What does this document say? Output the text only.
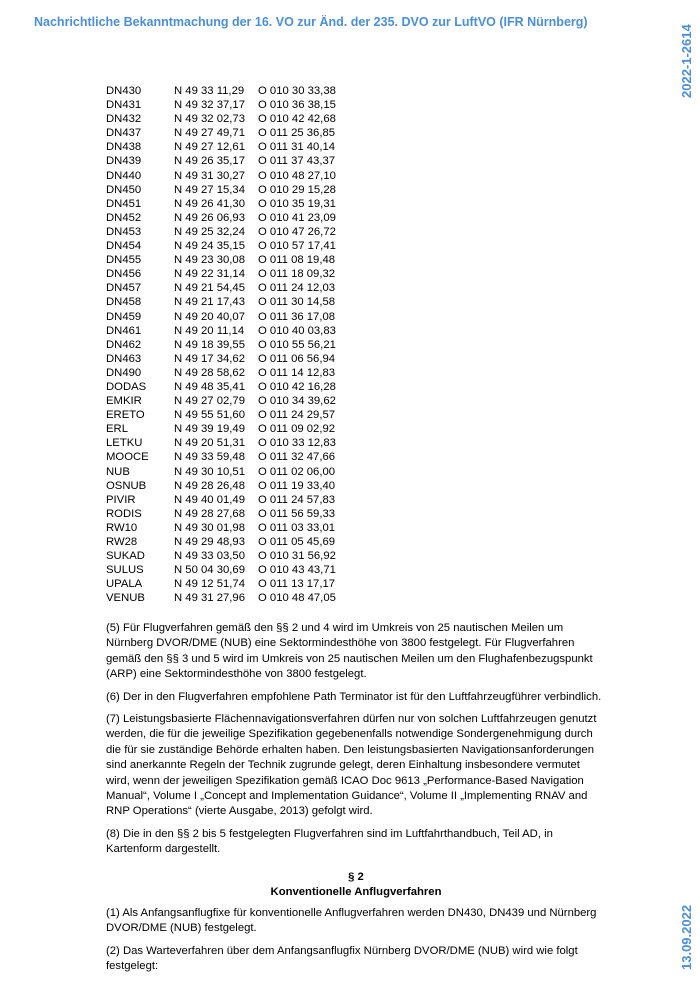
Nachrichtliche Bekanntmachung der 16. VO zur Änd. der 235. DVO zur LuftVO (IFR Nürnberg)
2022-1-2614
DN430	N 49 33 11,29	O 010 30 33,38
DN431	N 49 32 37,17	O 010 36 38,15
DN432	N 49 32 02,73	O 010 42 42,68
DN437	N 49 27 49,71	O 011 25 36,85
DN438	N 49 27 12,61	O 011 31 40,14
DN439	N 49 26 35,17	O 011 37 43,37
DN440	N 49 31 30,27	O 010 48 27,10
DN450	N 49 27 15,34	O 010 29 15,28
DN451	N 49 26 41,30	O 010 35 19,31
DN452	N 49 26 06,93	O 010 41 23,09
DN453	N 49 25 32,24	O 010 47 26,72
DN454	N 49 24 35,15	O 010 57 17,41
DN455	N 49 23 30,08	O 011 08 19,48
DN456	N 49 22 31,14	O 011 18 09,32
DN457	N 49 21 54,45	O 011 24 12,03
DN458	N 49 21 17,43	O 011 30 14,58
DN459	N 49 20 40,07	O 011 36 17,08
DN461	N 49 20 11,14	O 010 40 03,83
DN462	N 49 18 39,55	O 010 55 56,21
DN463	N 49 17 34,62	O 011 06 56,94
DN490	N 49 28 58,62	O 011 14 12,83
DODAS	N 49 48 35,41	O 010 42 16,28
EMKIR	N 49 27 02,79	O 010 34 39,62
ERETO	N 49 55 51,60	O 011 24 29,57
ERL	N 49 39 19,49	O 011 09 02,92
LETKU	N 49 20 51,31	O 010 33 12,83
MOOCE	N 49 33 59,48	O 011 32 47,66
NUB	N 49 30 10,51	O 011 02 06,00
OSNUB	N 49 28 26,48	O 011 19 33,40
PIVIR	N 49 40 01,49	O 011 24 57,83
RODIS	N 49 28 27,68	O 011 56 59,33
RW10	N 49 30 01,98	O 011 03 33,01
RW28	N 49 29 48,93	O 011 05 45,69
SUKAD	N 49 33 03,50	O 010 31 56,92
SULUS	N 50 04 30,69	O 010 43 43,71
UPALA	N 49 12 51,74	O 011 13 17,17
VENUB	N 49 31 27,96	O 010 48 47,05

(5) Für Flugverfahren gemäß den §§ 2 und 4 wird im Umkreis von 25 nautischen Meilen um Nürnberg DVOR/DME (NUB) eine Sektormindesthöhe von 3800 festgelegt. Für Flugverfahren gemäß den §§ 3 und 5 wird im Umkreis von 25 nautischen Meilen um den Flughafenbezugspunkt (ARP) eine Sektormindesthöhe von 3800 festgelegt.

(6) Der in den Flugverfahren empfohlene Path Terminator ist für den Luftfahrzeugführer verbindlich.

(7) Leistungsbasierte Flächennavigationsverfahren dürfen nur von solchen Luftfahrzeugen genutzt werden, die für die jeweilige Spezifikation gegebenenfalls notwendige Sondergenehmigung durch die für sie zuständige Behörde erhalten haben. Den leistungsbasierten Navigationsanforderungen sind anerkannte Regeln der Technik zugrunde gelegt, deren Einhaltung insbesondere vermutet wird, wenn der jeweiligen Spezifikation gemäß ICAO Doc 9613 „Performance-Based Navigation Manual“, Volume I „Concept and Implementation Guidance“, Volume II „Implementing RNAV and RNP Operations“ (vierte Ausgabe, 2013) gefolgt wird.

(8) Die in den §§ 2 bis 5 festgelegten Flugverfahren sind im Luftfahrthandbuch, Teil AD, in Kartenform dargestellt.

§ 2
Konventionelle Anflugverfahren

(1) Als Anfangsanflugfixe für konventionelle Anflugverfahren werden DN430, DN439 und Nürnberg DVOR/DME (NUB) festgelegt.

(2) Das Warteverfahren über dem Anfangsanflugfix Nürnberg DVOR/DME (NUB) wird wie folgt festgelegt:	13.09.2022
